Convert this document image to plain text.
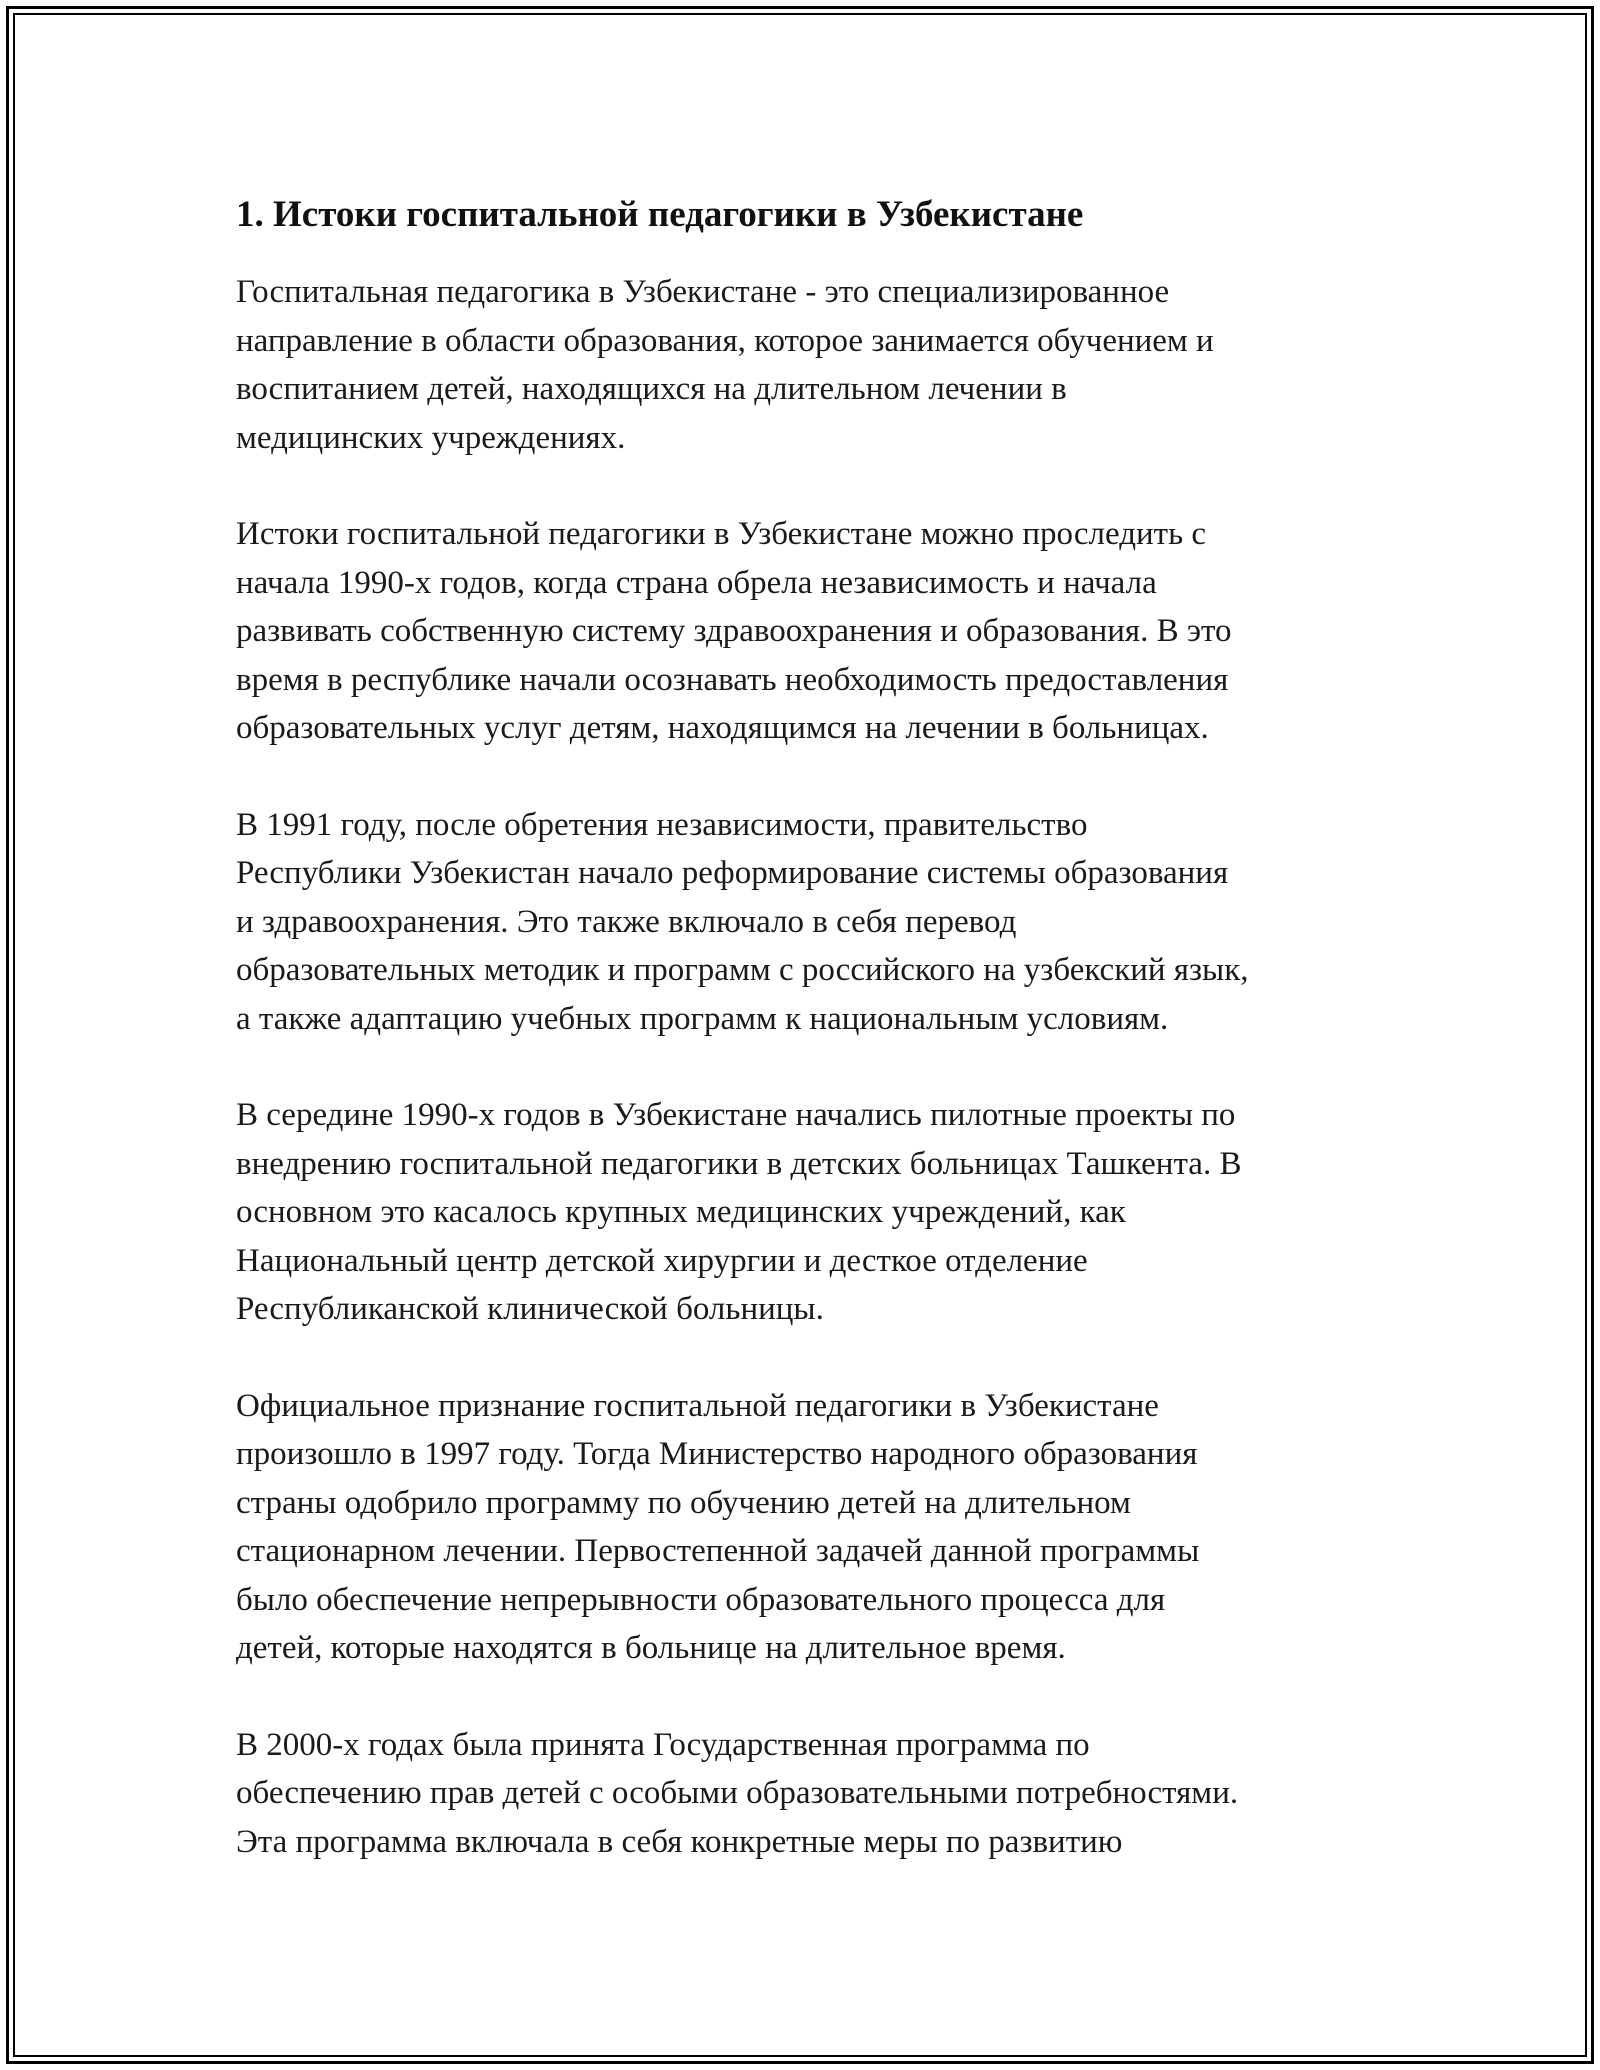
1. Истоки госпитальной педагогики в Узбекистане

Госпитальная педагогика в Узбекистане - это специализированное
направление в области образования, которое занимается обучением и
воспитанием детей, находящихся на длительном лечении в
медицинских учреждениях.

Истоки госпитальной педагогики в Узбекистане можно проследить с
начала 1990-х годов, когда страна обрела независимость и начала
развивать собственную систему здравоохранения и образования. В это
время в республике начали осознавать необходимость предоставления
образовательных услуг детям, находящимся на лечении в больницах.

В 1991 году, после обретения независимости, правительство
Республики Узбекистан начало реформирование системы образования
и здравоохранения. Это также включало в себя перевод
образовательных методик и программ с российского на узбекский язык,
а также адаптацию учебных программ к национальным условиям.

В середине 1990-х годов в Узбекистане начались пилотные проекты по
внедрению госпитальной педагогики в детских больницах Ташкента. В
основном это касалось крупных медицинских учреждений, как
Национальный центр детской хирургии и десткое отделение
Республиканской клинической больницы.

Официальное признание госпитальной педагогики в Узбекистане
произошло в 1997 году. Тогда Министерство народного образования
страны одобрило программу по обучению детей на длительном
стационарном лечении. Первостепенной задачей данной программы
было обеспечение непрерывности образовательного процесса для
детей, которые находятся в больнице на длительное время.

В 2000-х годах была принята Государственная программа по
обеспечению прав детей с особыми образовательными потребностями.
Эта программа включала в себя конкретные меры по развитию
